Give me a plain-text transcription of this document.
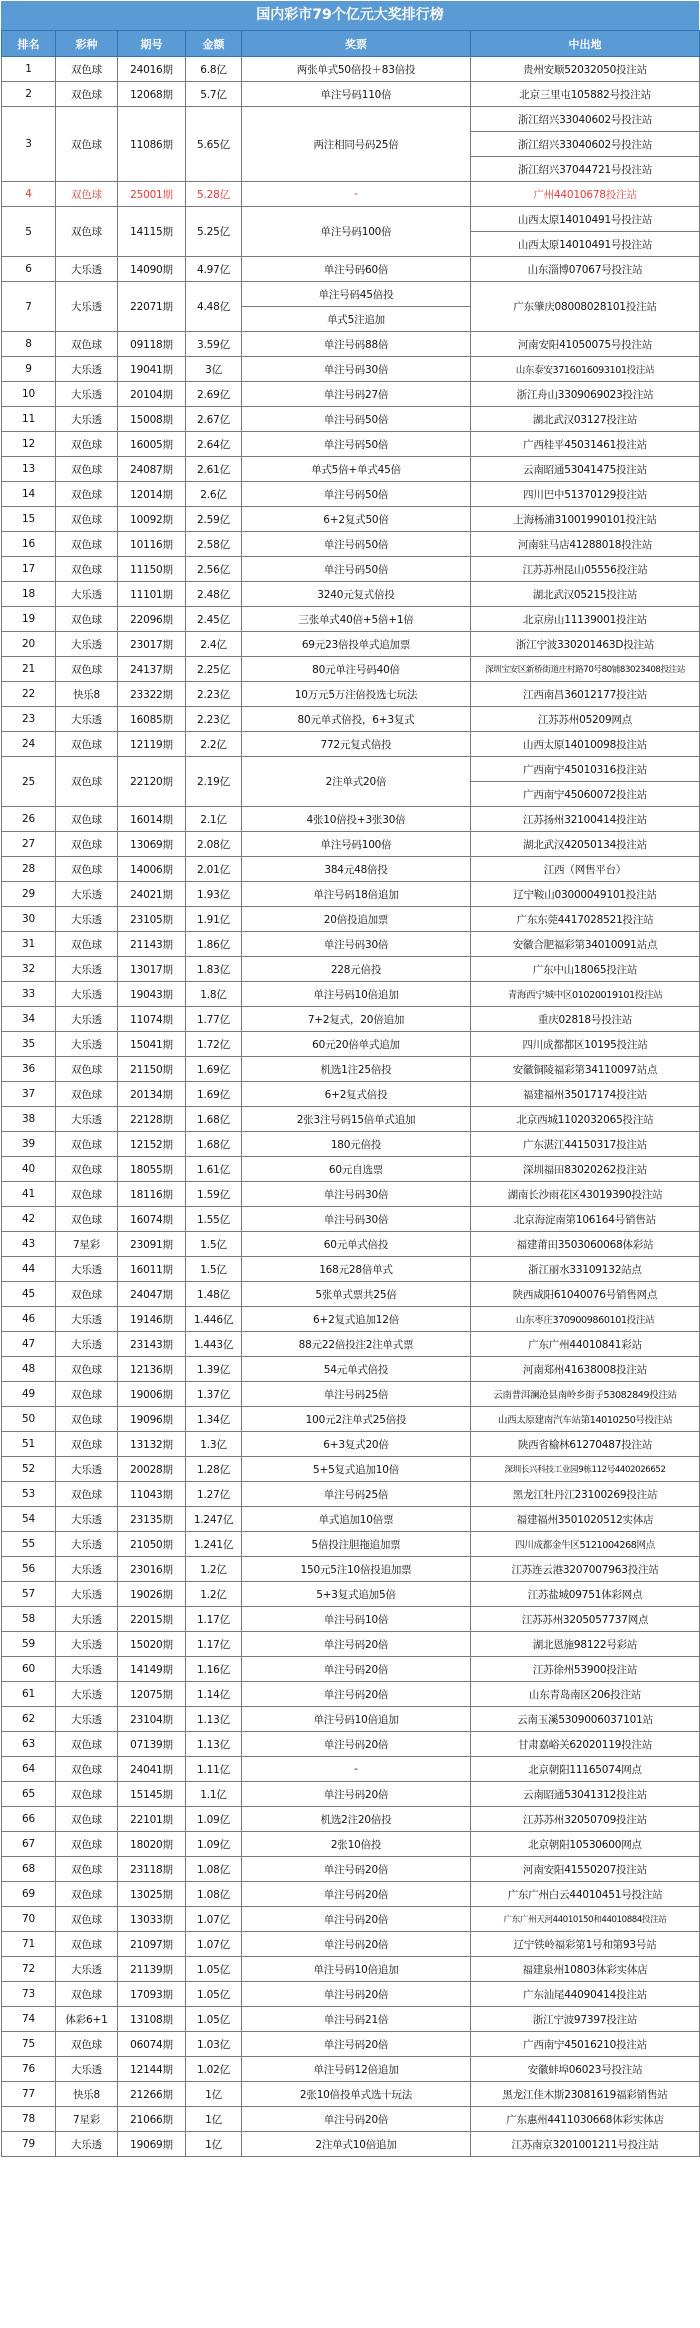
国内彩市79个亿元大奖排行榜
排名	彩种	期号	金额	奖票	中出地
1	双色球	24016期	6.8亿	两张单式50倍投＋83倍投	贵州安顺52032050投注站
2	双色球	12068期	5.7亿	单注号码110倍	北京三里屯105882号投注站
3	双色球	11086期	5.65亿	两注相同号码25倍	浙江绍兴33040602号投注站
					浙江绍兴33040602号投注站
					浙江绍兴37044721号投注站
4	双色球	25001期	5.28亿	-	广州44010678投注站
5	双色球	14115期	5.25亿	单注号码100倍	山西太原14010491号投注站
					山西太原14010491号投注站
6	大乐透	14090期	4.97亿	单注号码60倍	山东淄博07067号投注站
7	大乐透	22071期	4.48亿	单注号码45倍投	广东肇庆08008028101投注站
				单式5注追加	
8	双色球	09118期	3.59亿	单注号码88倍	河南安阳41050075号投注站
9	大乐透	19041期	3亿	单注号码30倍	山东泰安3716016093101投注站
10	大乐透	20104期	2.69亿	单注号码27倍	浙江舟山3309069023投注站
11	大乐透	15008期	2.67亿	单注号码50倍	湖北武汉03127投注站
12	双色球	16005期	2.64亿	单注号码50倍	广西桂平45031461投注站
13	双色球	24087期	2.61亿	单式5倍+单式45倍	云南昭通53041475投注站
14	双色球	12014期	2.6亿	单注号码50倍	四川巴中51370129投注站
15	双色球	10092期	2.59亿	6+2复式50倍	上海杨浦31001990101投注站
16	双色球	10116期	2.58亿	单注号码50倍	河南驻马店41288018投注站
17	双色球	11150期	2.56亿	单注号码50倍	江苏苏州昆山05556投注站
18	大乐透	11101期	2.48亿	3240元复式倍投	湖北武汉05215投注站
19	双色球	22096期	2.45亿	三张单式40倍+5倍+1倍	北京房山11139001投注站
20	大乐透	23017期	2.4亿	69元23倍投单式追加票	浙江宁波330201463D投注站
21	双色球	24137期	2.25亿	80元单注号码40倍	深圳宝安区新桥街道庄村路70号80铺83023408投注站
22	快乐8	23322期	2.23亿	10万元5万注倍投选七玩法	江西南昌36012177投注站
23	大乐透	16085期	2.23亿	80元单式倍投，6+3复式	江苏苏州05209网点
24	双色球	12119期	2.2亿	772元复式倍投	山西太原14010098投注站
25	双色球	22120期	2.19亿	2注单式20倍	广西南宁45010316投注站
					广西南宁45060072投注站
26	双色球	16014期	2.1亿	4张10倍投+3张30倍	江苏扬州32100414投注站
27	双色球	13069期	2.08亿	单注号码100倍	湖北武汉42050134投注站
28	双色球	14006期	2.01亿	384元48倍投	江西（网售平台）
29	大乐透	24021期	1.93亿	单注号码18倍追加	辽宁鞍山03000049101投注站
30	大乐透	23105期	1.91亿	20倍投追加票	广东东莞44170285​21投注站
31	双色球	21143期	1.86亿	单注号码30倍	安徽合肥福彩第34010091站点
32	大乐透	13017期	1.83亿	228元倍投	广东中山18065投注站
33	大乐透	19043期	1.8亿	单注号码10倍追加	青海西宁城中区0102001910​1投注站
34	大乐透	11074期	1.77亿	7+2复式，20倍追加	重庆02818号投注站
35	大乐透	15041期	1.72亿	60元20倍单式追加	四川成都都区10195投注站
36	双色球	21150期	1.69亿	机选1注25倍投	安徽铜陵福彩第34110097站点
37	双色球	20134期	1.69亿	6+2复式倍投	福建福州35017174投注站
38	大乐透	22128期	1.68亿	2张3注号码15倍单式追加	北京西城1102032065投注站
39	双色球	12152期	1.68亿	180元倍投	广东湛江44150317投注站
40	双色球	18055期	1.61亿	60元自选票	深圳福田83020262投注站
41	双色球	18116期	1.59亿	单注号码30倍	湖南长沙雨花区43019390投注站
42	双色球	16074期	1.55亿	单注号码30倍	北京海淀南第106164号销售站
43	7星彩	23091期	1.5亿	60元单式倍投	福建莆田3503060068体彩站
44	大乐透	16011期	1.5亿	168元28倍单式	浙江丽水33109132站点
45	双色球	24047期	1.48亿	5张单式票共25倍	陕西咸阳61040076号销售网点
46	大乐透	19146期	1.446亿	6+2复式追加12倍	山东枣庄3709009860101投注站
47	大乐透	23143期	1.443亿	88元22倍投注2注单式票	广东广州44010841彩站
48	双色球	12136期	1.39亿	54元单式倍投	河南郑州41638008投注站
49	双色球	19006期	1.37亿	单注号码25倍	云南普洱澜沧县南岭乡街子53082849投注站
50	双色球	19096期	1.34亿	100元2注单式25倍投	山西太原建南汽车站第14010250号投注站
51	双色球	13132期	1.3亿	6+3复式20倍	陕西省榆林61270487投注站
52	大乐透	20028期	1.28亿	5+5复式追加10倍	深圳长兴科技工业园9栋112号4402026652
53	双色球	11043期	1.27亿	单注号码25倍	黑龙江牡丹江23100269投注站
54	大乐透	23135期	1.247亿	单式追加10倍票	福建福州35010205​12实体店
55	大乐透	21050期	1.241亿	5倍投注胆拖追加票	四川成都金牛区51210042​68网点
56	大乐透	23016期	1.2亿	150元5注10倍投追加票	江苏连云港32070079​63投注站
57	大乐透	19026期	1.2亿	5+3复式追加5倍	江苏盐城09751体彩网点
58	大乐透	22015期	1.17亿	单注号码10倍	江苏苏州32050577​37网点
59	大乐透	15020期	1.17亿	单注号码20倍	湖北恩施98122号彩站
60	大乐透	14149期	1.16亿	单注号码20倍	江苏徐州53900投注站
61	大乐透	12075期	1.14亿	单注号码20倍	山东青岛南区206投注站
62	大乐透	23104期	1.13亿	单注号码10倍追加	云南玉溪53090060371​01站
63	双色球	07139期	1.13亿	单注号码20倍	甘肃嘉峪关62020119投注站
64	双色球	24041期	1.11亿	-	北京朝阳11165074网点
65	双色球	15145期	1.1亿	单注号码20倍	云南昭通53041312投注站
66	双色球	22101期	1.09亿	机选2注20倍投	江苏苏州32050709投注站
67	双色球	18020期	1.09亿	2张10倍投	北京朝阳10530600网点
68	双色球	23118期	1.08亿	单注号码20倍	河南安阳41550207投注站
69	双色球	13025期	1.08亿	单注号码20倍	广东广州白云44010451号投注站
70	双色球	13033期	1.07亿	单注号码20倍	广东广州天河44010150和44010884投注站
71	双色球	21097期	1.07亿	单注号码20倍	辽宁铁岭福彩第1号和第93号站
72	大乐透	21139期	1.05亿	单注号码10倍追加	福建泉州10803体彩实体店
73	双色球	17093期	1.05亿	单注号码20倍	广东汕尾44090414投注站
74	体彩6+1	13108期	1.05亿	单注号码21倍	浙江宁波97397投注站
75	双色球	06074期	1.03亿	单注号码20倍	广西南宁45016210投注站
76	大乐透	12144期	1.02亿	单注号码12倍追加	安徽蚌埠06023号投注站
77	快乐8	21266期	1亿	2张10倍投单式选十玩法	黑龙江佳木斯23081619福彩销售站
78	7星彩	21066期	1亿	单注号码20倍	广东惠州4411030668体彩实体店
79	大乐透	19069期	1亿	2注单式10倍追加	江苏南京32010012​11号投注站
